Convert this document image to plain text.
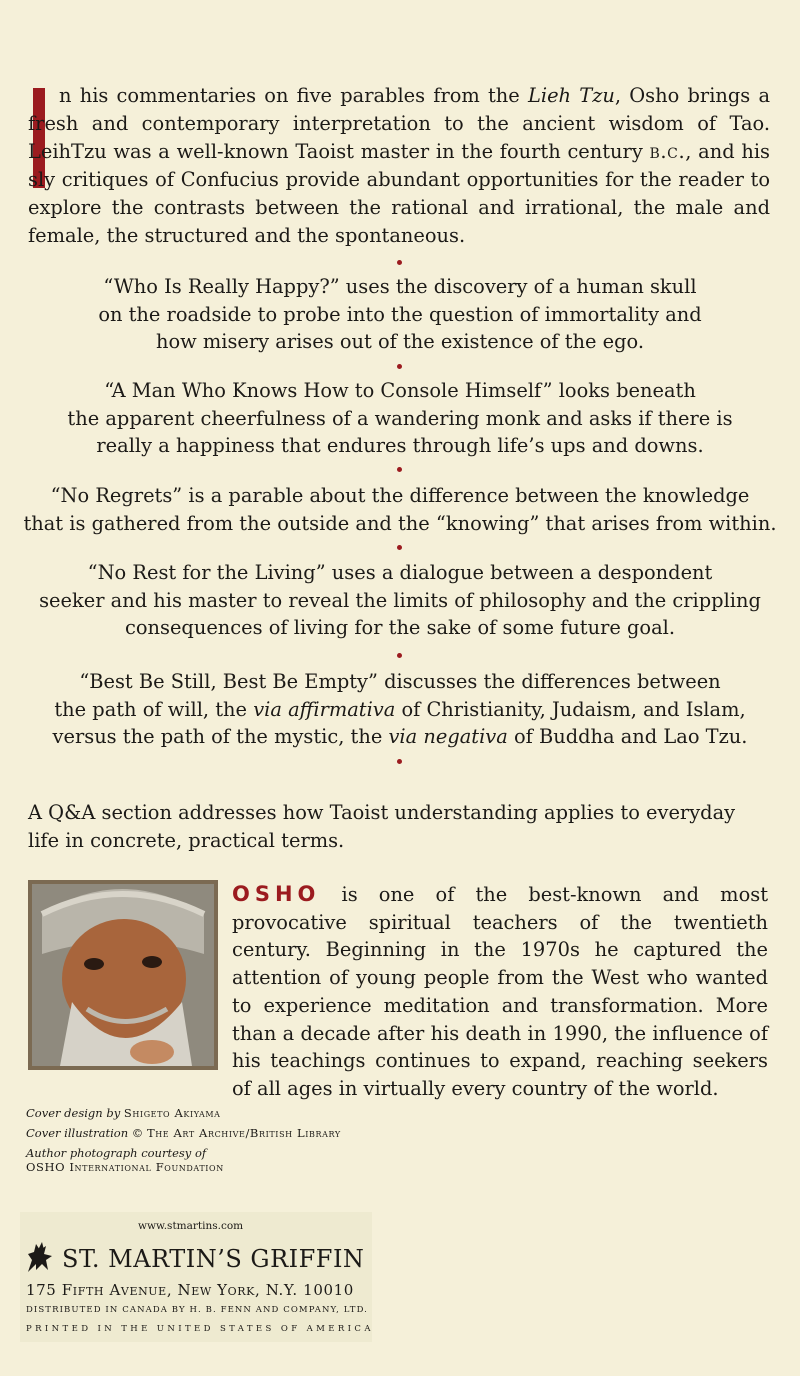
n his commentaries on five parables from the Lieh Tzu, Osho brings a fresh and contemporary interpretation to the ancient wisdom of Tao. LeihTzu was a well-known Taoist master in the fourth century b.c., and his sly critiques of Confucius provide abundant opportunities for the reader to explore the contrasts between the rational and irrational, the male and female, the structured and the spontaneous.
“Who Is Really Happy?” uses the discovery of a human skull
on the roadside to probe into the question of immortality and
how misery arises out of the existence of the ego.
“A Man Who Knows How to Console Himself” looks beneath
the apparent cheerfulness of a wandering monk and asks if there is
really a happiness that endures through life’s ups and downs.
“No Regrets” is a parable about the difference between the knowledge
that is gathered from the outside and the “knowing” that arises from within.
“No Rest for the Living” uses a dialogue between a despondent
seeker and his master to reveal the limits of philosophy and the crippling
consequences of living for the sake of some future goal.
“Best Be Still, Best Be Empty” discusses the differences between
the path of will, the via affirmativa of Christianity, Judaism, and Islam,
versus the path of the mystic, the via negativa of Buddha and Lao Tzu.
A Q&A section addresses how Taoist understanding applies to everyday life in concrete, practical terms.
OSHO is one of the best-known and most provocative spiritual teachers of the twentieth century. Beginning in the 1970s he captured the attention of young people from the West who wanted to experience meditation and transformation. More than a decade after his death in 1990, the influence of his teachings continues to expand, reaching seekers of all ages in virtually every country of the world.
Cover design by Shigeto Akiyama
Cover illustration © The Art Archive/British Library
Author photograph courtesy of
OSHO International Foundation
www.stmartins.com
ST. MARTIN’S GRIFFIN
175 Fifth Avenue, New York, N.Y. 10010
DISTRIBUTED IN CANADA BY H. B. FENN AND COMPANY, LTD.
PRINTED IN THE UNITED STATES OF AMERICA
